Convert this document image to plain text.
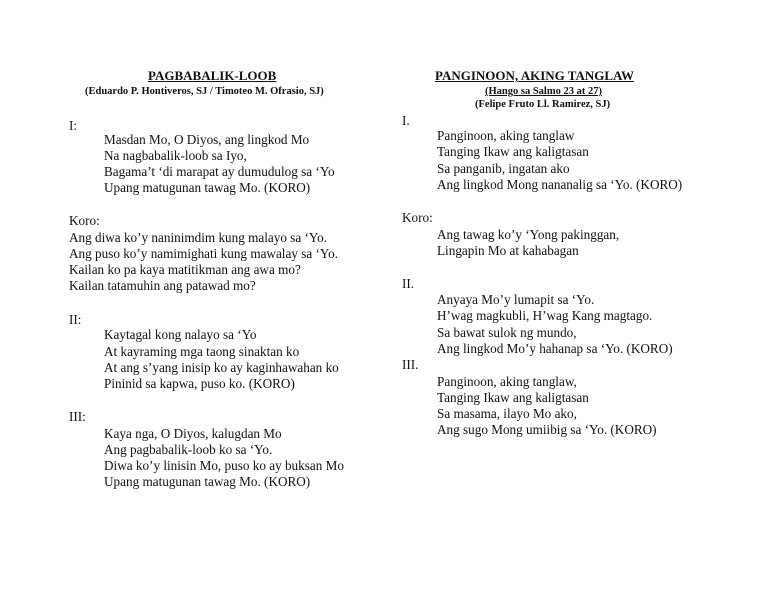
PAGBABALIK-LOOB
(Eduardo P. Hontiveros, SJ / Timoteo M. Ofrasio, SJ)
I:
Masdan Mo, O Diyos, ang lingkod Mo
Na nagbabalik-loob sa Iyo,
Bagama’t ‘di marapat ay dumudulog sa ‘Yo
Upang matugunan tawag Mo. (KORO)
Koro:
Ang diwa ko’y naninimdim kung malayo sa ‘Yo.
Ang puso ko’y namimighati kung mawalay sa ‘Yo.
Kailan ko pa kaya matitikman ang awa mo?
Kailan tatamuhin ang patawad mo?
II:
Kaytagal kong nalayo sa ‘Yo
At kayraming mga taong sinaktan ko
At ang s’yang inisip ko ay kaginhawahan ko
Pininid sa kapwa, puso ko. (KORO)
III:
Kaya nga, O Diyos, kalugdan Mo
Ang pagbabalik-loob ko sa ‘Yo.
Diwa ko’y linisin Mo, puso ko ay buksan Mo
Upang matugunan tawag Mo. (KORO)
PANGINOON, AKING TANGLAW
(Hango sa Salmo 23 at 27)
(Felipe Fruto Ll. Ramirez, SJ)
I.
Panginoon, aking tanglaw
Tanging Ikaw ang kaligtasan
Sa panganib, ingatan ako
Ang lingkod Mong nananalig sa ‘Yo. (KORO)
Koro:
Ang tawag ko’y ‘Yong pakinggan,
Lingapin Mo at kahabagan
II.
Anyaya Mo’y lumapit sa ‘Yo.
H’wag magkubli, H’wag Kang magtago.
Sa bawat sulok ng mundo,
Ang lingkod Mo’y hahanap sa ‘Yo. (KORO)
III.
Panginoon, aking tanglaw,
Tanging Ikaw ang kaligtasan
Sa masama, ilayo Mo ako,
Ang sugo Mong umiibig sa ‘Yo. (KORO)
